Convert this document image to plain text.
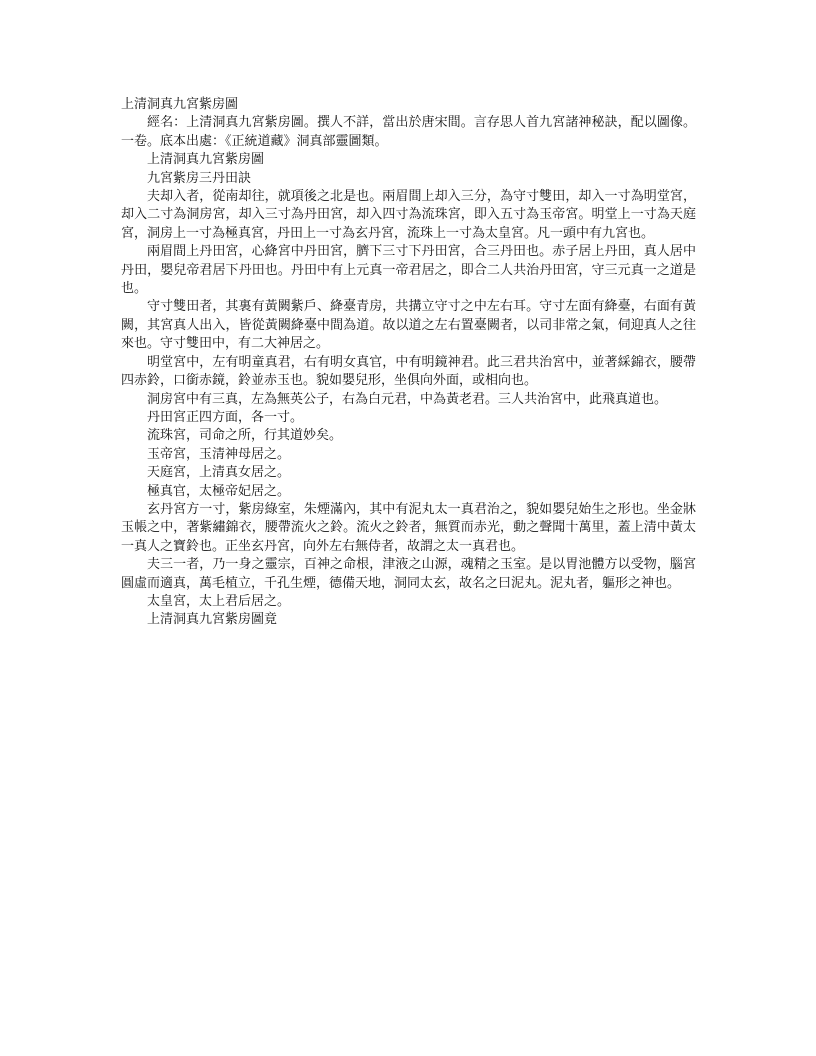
上清洞真九宮紫房圖

經名：上清洞真九宮紫房圖。撰人不詳，當出於唐宋間。言存思人首九宮諸神秘訣，配以圖像。一卷。底本出處：《正統道藏》洞真部靈圖類。

上清洞真九宮紫房圖

九宮紫房三丹田訣

夫却入者，從南却往，就項後之北是也。兩眉間上却入三分，為守寸雙田，却入一寸為明堂宮，却入二寸為洞房宮，却入三寸為丹田宮，却入四寸為流珠宮，即入五寸為玉帝宮。明堂上一寸為天庭宮，洞房上一寸為極真宮，丹田上一寸為玄丹宮，流珠上一寸為太皇宮。凡一頭中有九宮也。

兩眉間上丹田宮，心絳宮中丹田宮，臍下三寸下丹田宮，合三丹田也。赤子居上丹田，真人居中丹田，嬰兒帝君居下丹田也。丹田中有上元真一帝君居之，即合二人共治丹田宮，守三元真一之道是也。

守寸雙田者，其裏有黃闕紫戶、絳臺青房，共搆立守寸之中左右耳。守寸左面有絳臺，右面有黃闕，其宮真人出入，皆從黃闕絳臺中間為道。故以道之左右置臺闕者，以司非常之氣，伺迎真人之往來也。守寸雙田中，有二大神居之。

明堂宮中，左有明童真君，右有明女真官，中有明鏡神君。此三君共治宮中，並著綵錦衣，腰帶四赤鈴，口銜赤鏡，鈴並赤玉也。貌如嬰兒形，坐俱向外面，或相向也。

洞房宮中有三真，左為無英公子，右為白元君，中為黃老君。三人共治宮中，此飛真道也。

丹田宮正四方面，各一寸。

流珠宮，司命之所，行其道妙矣。

玉帝宮，玉清神母居之。

天庭宮，上清真女居之。

極真官，太極帝妃居之。

玄丹宮方一寸，紫房綠室，朱煙滿內，其中有泥丸太一真君治之，貌如嬰兒始生之形也。坐金牀玉帳之中，著紫繡錦衣，腰帶流火之鈴。流火之鈴者，無質而赤光，動之聲聞十萬里，蓋上清中黃太一真人之寶鈴也。正坐玄丹宮，向外左右無侍者，故謂之太一真君也。

夫三一者，乃一身之靈宗，百神之命根，津液之山源，魂精之玉室。是以胃池體方以受物，腦宮圓虛而適真，萬毛植立，千孔生煙，德備天地，洞同太玄，故名之曰泥丸。泥丸者，軀形之神也。

太皇宮，太上君后居之。

上清洞真九宮紫房圖竟
